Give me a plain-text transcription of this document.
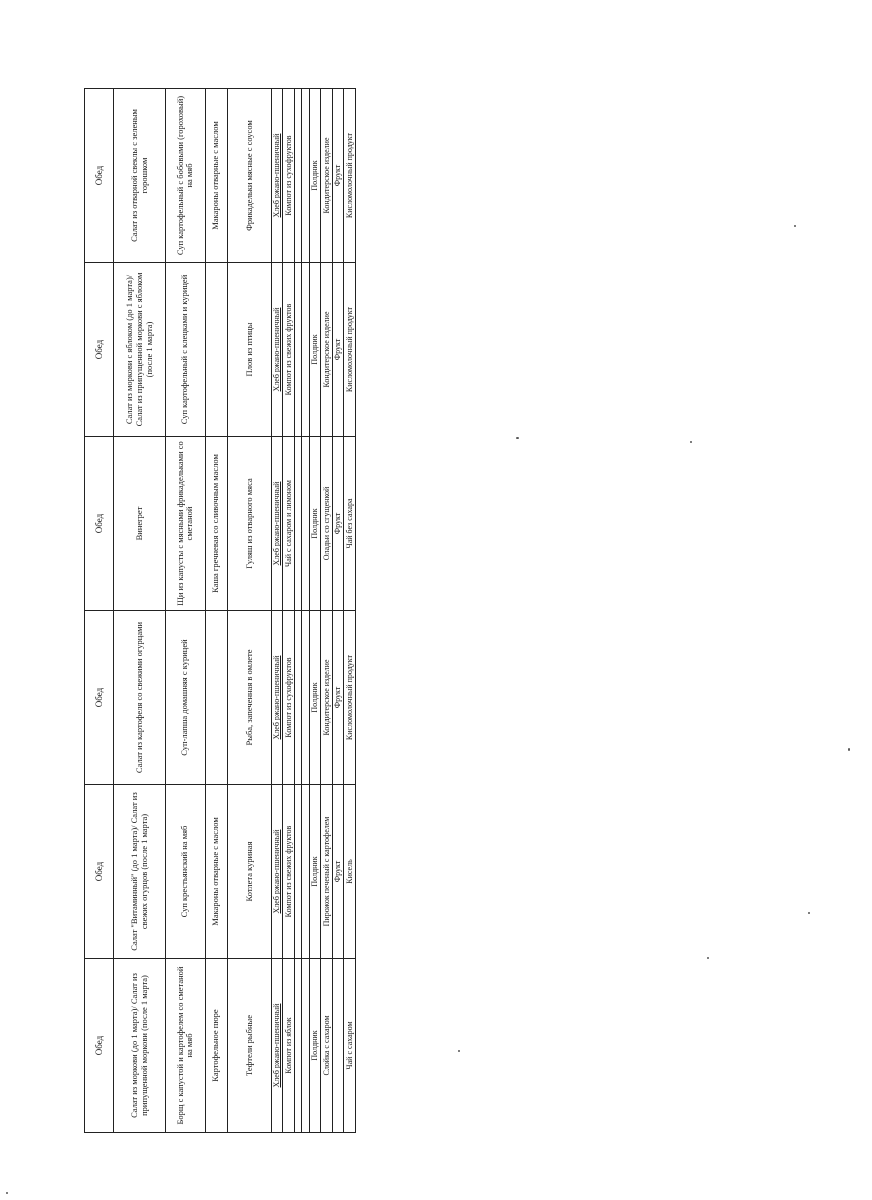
Обед	Обед	Обед	Обед	Обед	Обед
Салат из моркови (до 1 марта)/ Салат из припущенной моркови (после 1 марта)	Салат "Витаминный" (до 1 марта)/ Салат из свежих огурцов (после 1 марта)	Салат из картофеля со свежими огурцами	Винегрет	Салат из моркови с яблоком (до 1 марта)/ Салат из припущенной моркови с яблоком (после 1 марта)	Салат из отварной свеклы с зеленым горошком
Борщ с капустой и картофелем со сметаной на мяб	Суп крестьянский на мяб	Суп-лапша домашняя с курицей	Щи из капусты с мясными фрикадельками со сметаной	Суп картофельный с клецками и курицей	Суп картофельный с бобовыми (гороховый) на мяб
Картофельное пюре	Макароны отварные с маслом		Каша гречневая со сливочным маслом		Макароны отварные с маслом
Тефтели рыбные	Котлета куриная	Рыба, запеченная в омлете	Гуляш из отварного мяса	Плов из птицы	Фрикадельки мясные с соусом
Хлеб ржано-пшеничный	Хлеб ржано-пшеничный	Хлеб ржано-пшеничный	Хлеб ржано-пшеничный	Хлеб ржано-пшеничный	Хлеб ржано-пшеничный
Компот из яблок	Компот из свежих фруктов	Компот из сухофруктов	Чай с сахаром и лимоном	Компот из свежих фруктов	Компот из сухофруктов

Полдник	Полдник	Полдник	Полдник	Полдник	Полдник
Слойка с сахаром	Пирожок печеный с картофелем	Кондитерское изделие	Оладьи со сгущенкой	Кондитерское изделие	Кондитерское изделие
	Фрукт	Фрукт	Фрукт	Фрукт	Фрукт
Чай с сахаром	Кисель	Кисломолочный продукт	Чай без сахара	Кисломолочный продукт	Кисломолочный продукт
